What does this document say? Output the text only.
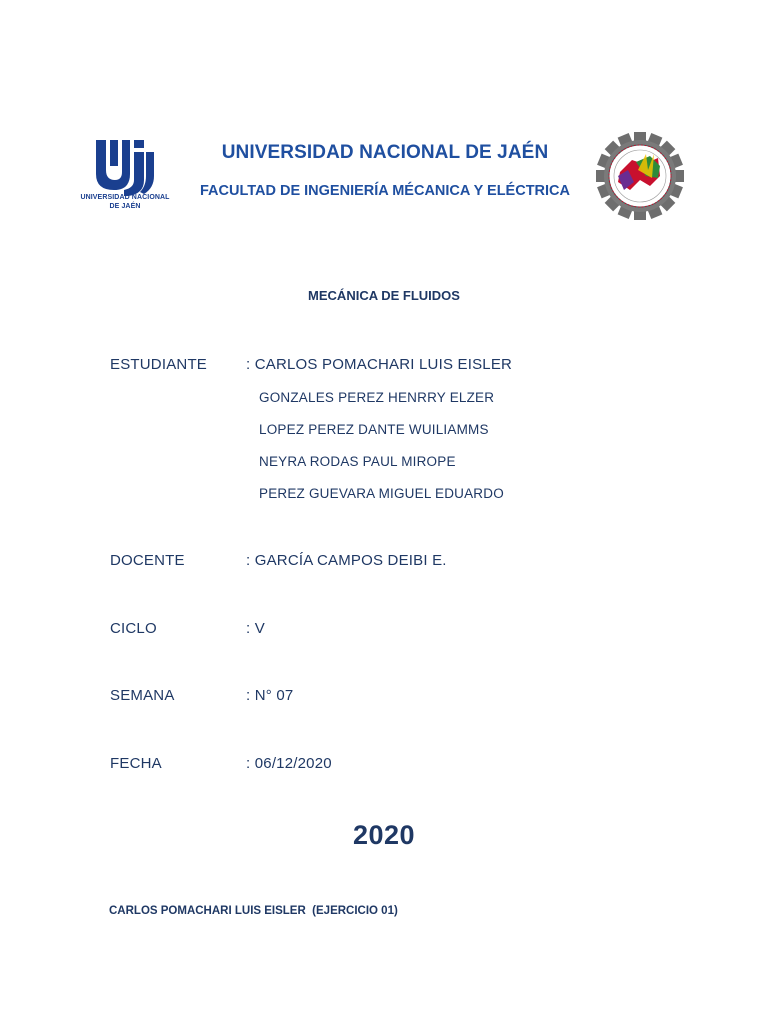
UNIVERSIDAD NACIONAL
DE JAÉN
UNIVERSIDAD NACIONAL DE JAÉN
FACULTAD DE INGENIERÍA MÉCANICA Y ELÉCTRICA
MECÁNICA DE FLUIDOS
ESTUDIANTE	: CARLOS POMACHARI LUIS EISLER
GONZALES PEREZ HENRRY ELZER
LOPEZ PEREZ DANTE WUILIAMMS
NEYRA RODAS PAUL MIROPE
PEREZ GUEVARA MIGUEL EDUARDO
DOCENTE	: GARCÍA CAMPOS DEIBI E.
CICLO	: V
SEMANA	: N° 07
FECHA	: 06/12/2020
2020
CARLOS POMACHARI LUIS EISLER  (EJERCICIO 01)
